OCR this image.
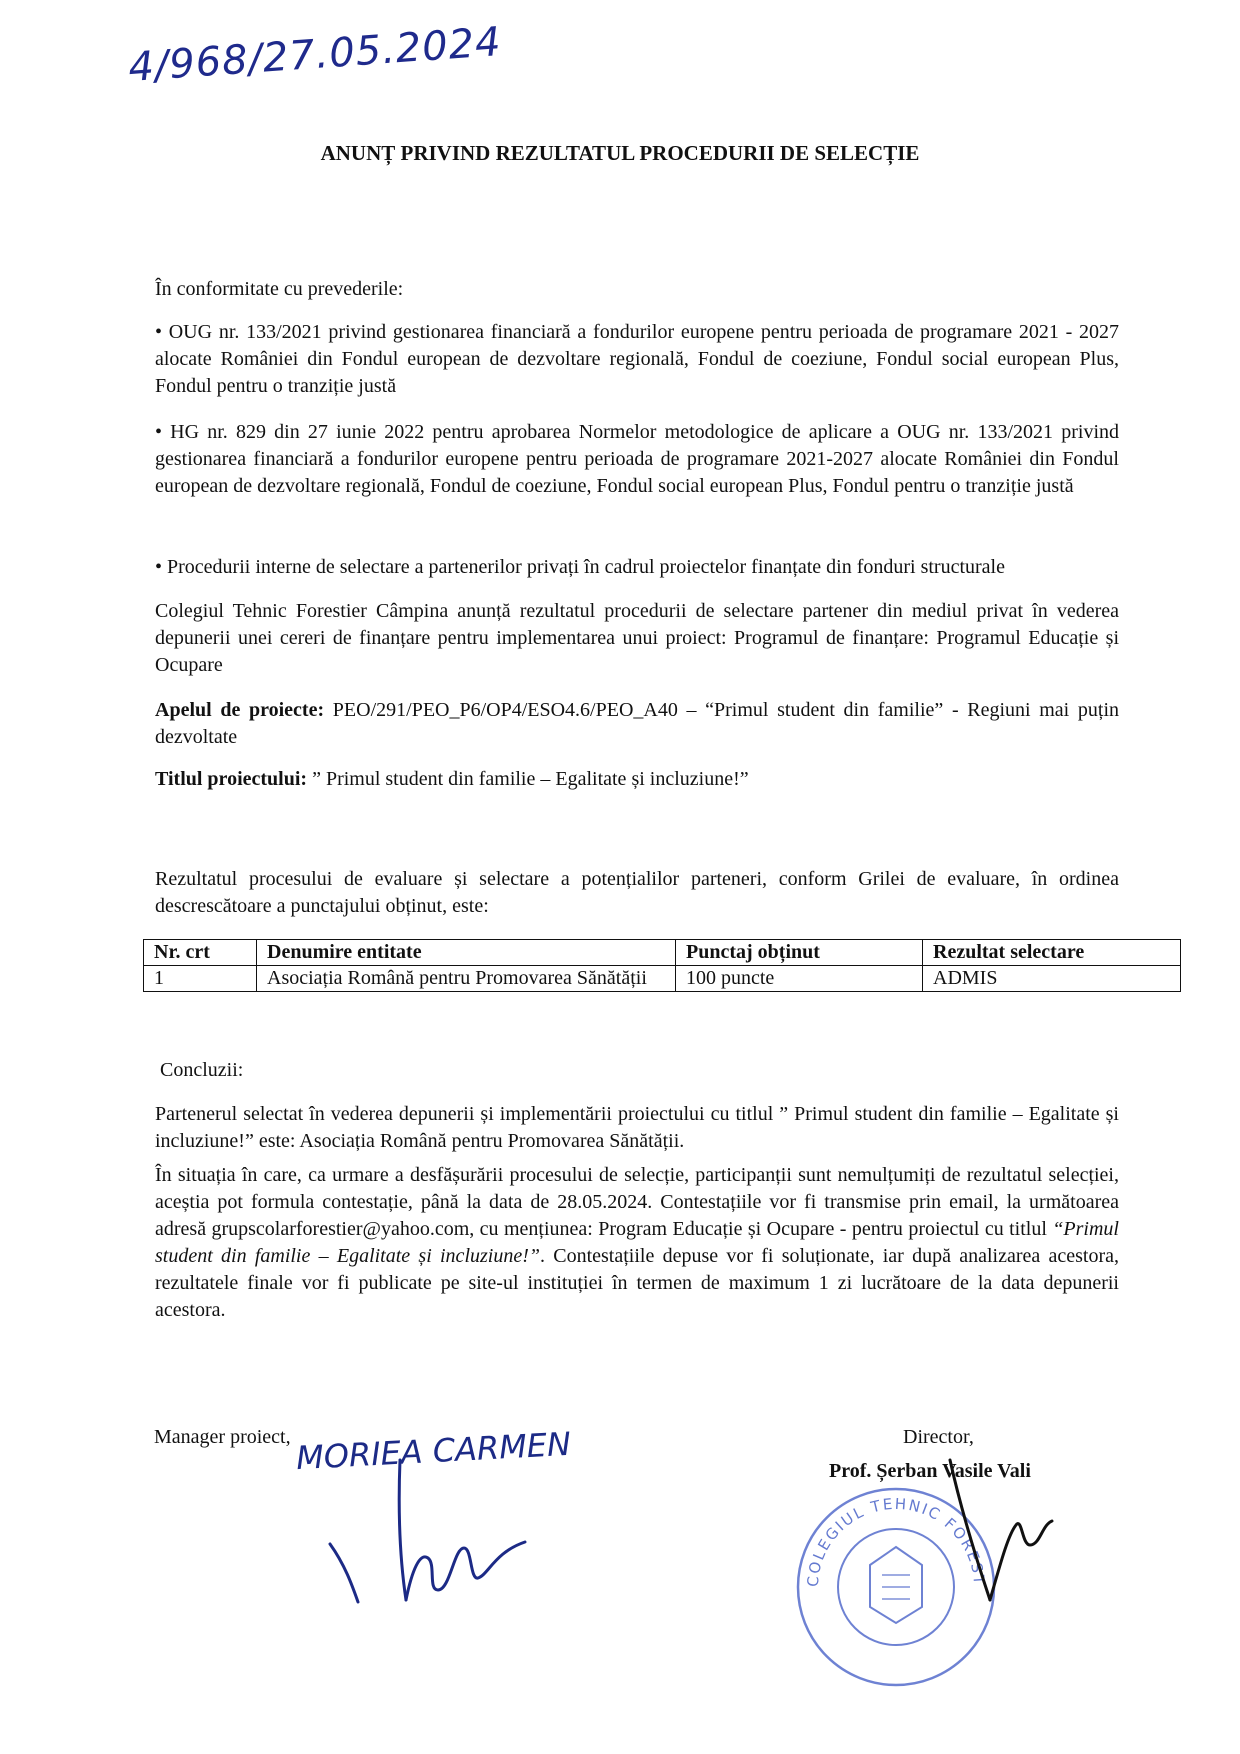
4/968/27.05.2024
ANUNȚ PRIVIND REZULTATUL PROCEDURII DE SELECȚIE

În conformitate cu prevederile:

• OUG nr. 133/2021 privind gestionarea financiară a fondurilor europene pentru perioada de programare 2021 - 2027 alocate României din Fondul european de dezvoltare regională, Fondul de coeziune, Fondul social european Plus, Fondul pentru o tranziție justă

• HG nr. 829 din 27 iunie 2022 pentru aprobarea Normelor metodologice de aplicare a OUG nr. 133/2021 privind gestionarea financiară a fondurilor europene pentru perioada de programare 2021-2027 alocate României din Fondul european de dezvoltare regională, Fondul de coeziune, Fondul social european Plus, Fondul pentru o tranziție justă

• Procedurii interne de selectare a partenerilor privați în cadrul proiectelor finanțate din fonduri structurale

Colegiul Tehnic Forestier Câmpina anunță rezultatul procedurii de selectare partener din mediul privat în vederea depunerii unei cereri de finanțare pentru implementarea unui proiect: Programul de finanțare: Programul Educație și Ocupare

Apelul de proiecte: PEO/291/PEO_P6/OP4/ESO4.6/PEO_A40 – “Primul student din familie” - Regiuni mai puțin dezvoltate

Titlul proiectului: ” Primul student din familie – Egalitate și incluziune!”

Rezultatul procesului de evaluare și selectare a potențialilor parteneri, conform Grilei de evaluare, în ordinea descrescătoare a punctajului obținut, este:

Nr. crt	Denumire entitate	Punctaj obținut	Rezultat selectare
1	Asociația Română pentru Promovarea Sănătății	100 puncte	ADMIS

Concluzii:

Partenerul selectat în vederea depunerii și implementării proiectului cu titlul ” Primul student din familie – Egalitate și incluziune!” este: Asociația Română pentru Promovarea Sănătății.

În situația în care, ca urmare a desfășurării procesului de selecție, participanții sunt nemulțumiți de rezultatul selecției, aceștia pot formula contestație, până la data de 28.05.2024. Contestațiile vor fi transmise prin email, la următoarea adresă grupscolarforestier@yahoo.com, cu mențiunea: Program Educație și Ocupare - pentru proiectul cu titlul “Primul student din familie – Egalitate și incluziune!”. Contestațiile depuse vor fi soluționate, iar după analizarea acestora, rezultatele finale vor fi publicate pe site-ul instituției în termen de maximum 1 zi lucrătoare de la data depunerii acestora.

Manager proiect, MORIEA CARMEN	Director,
Prof. Șerban Vasile Vali
COLEGIUL TEHNIC FORESTIER CÂMPINA
